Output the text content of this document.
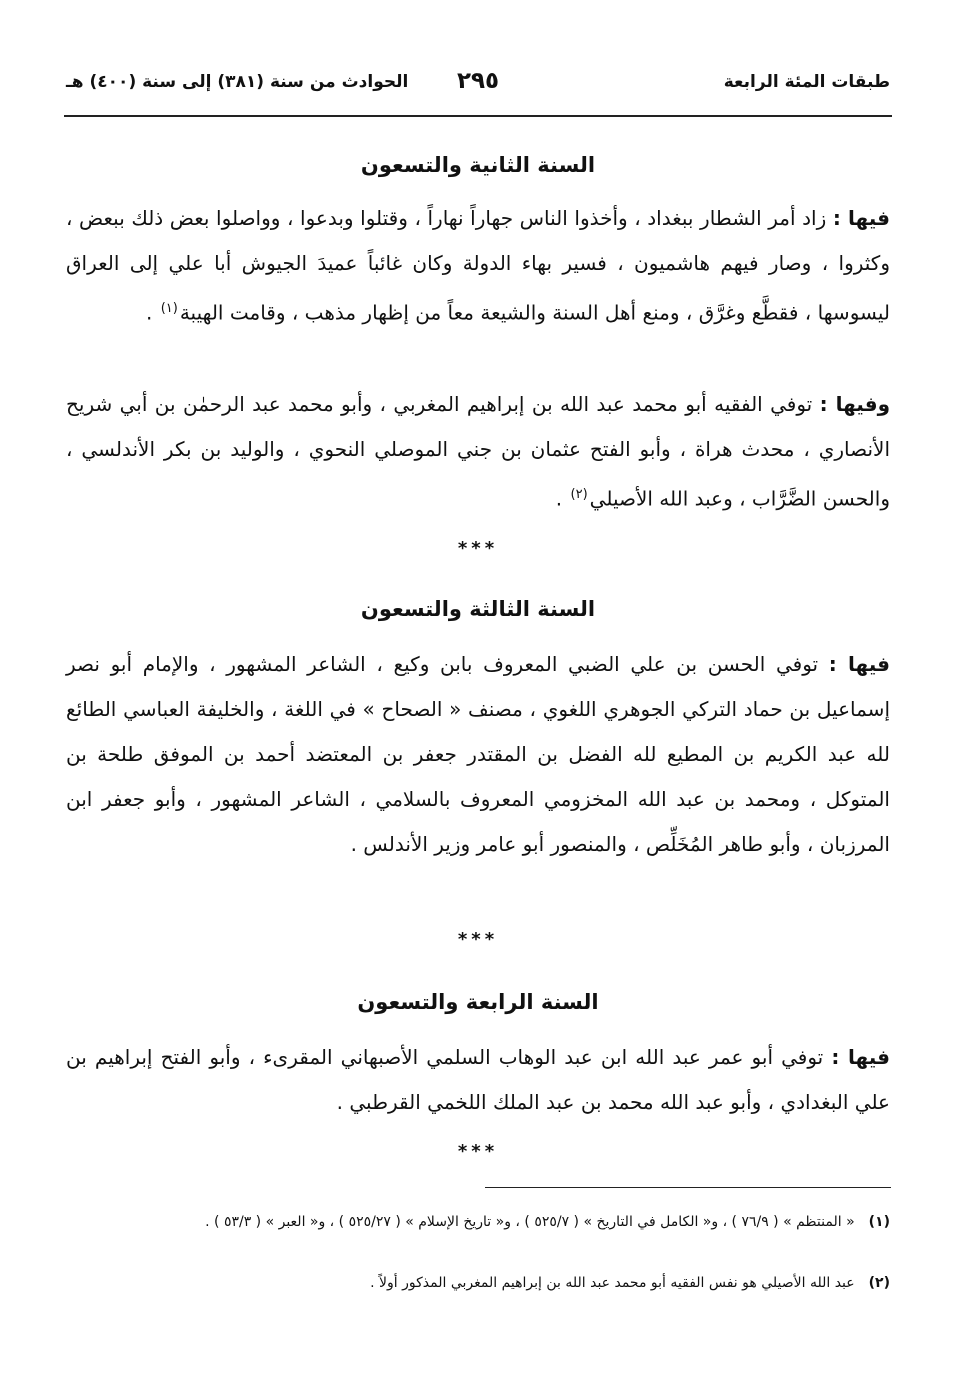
طبقات المئة الرابعة
٢٩٥
الحوادث من سنة (٣٨١) إلى سنة (٤٠٠) هـ
السنة الثانية والتسعون
فيها : زاد أمر الشطار ببغداد ، وأخذوا الناس جهاراً نهاراً ، وقتلوا وبدعوا ، وواصلوا بعض ذلك ببعض ، وكثروا ، وصار فيهم هاشميون ، فسير بهاء الدولة وكان غائباً عميدَ الجيوش أبا علي إلى العراق ليسوسها ، فقطَّع وغرَّق ، ومنع أهل السنة والشيعة معاً من إظهار مذهب ، وقامت الهيبة$^{(١)}$ .
وفيها : توفي الفقيه أبو محمد عبد الله بن إبراهيم المغربي ، وأبو محمد عبد الرحمٰن بن أبي شريح الأنصاري ، محدث هراة ، وأبو الفتح عثمان بن جني الموصلي النحوي ، والوليد بن بكر الأندلسي ، والحسن الضَّرَّاب ، وعبد الله الأصيلي$^{(٢)}$ .
***
السنة الثالثة والتسعون
فيها : توفي الحسن بن علي الضبي المعروف بابن وكيع ، الشاعر المشهور ، والإمام أبو نصر إسماعيل بن حماد التركي الجوهري اللغوي ، مصنف « الصحاح » في اللغة ، والخليفة العباسي الطائع لله عبد الكريم بن المطيع لله الفضل بن المقتدر جعفر بن المعتضد أحمد بن الموفق طلحة بن المتوكل ، ومحمد بن عبد الله المخزومي المعروف بالسلامي ، الشاعر المشهور ، وأبو جعفر ابن المرزبان ، وأبو طاهر المُخَلِّص ، والمنصور أبو عامر وزير الأندلس .
***
السنة الرابعة والتسعون
فيها : توفي أبو عمر عبد الله ابن عبد الوهاب السلمي الأصبهاني المقرىء ، وأبو الفتح إبراهيم بن علي البغدادي ، وأبو عبد الله محمد بن عبد الملك اللخمي القرطبي .
***
(١)« المنتظم » ( ٧٦/٩ ) ، و« الكامل في التاريخ » ( ٥٢٥/٧ ) ، و« تاريخ الإسلام » ( ٥٢٥/٢٧ ) ، و« العبر » ( ٥٣/٣ ) .
(٢)عبد الله الأصيلي هو نفس الفقيه أبو محمد عبد الله بن إبراهيم المغربي المذكور أولاً .
